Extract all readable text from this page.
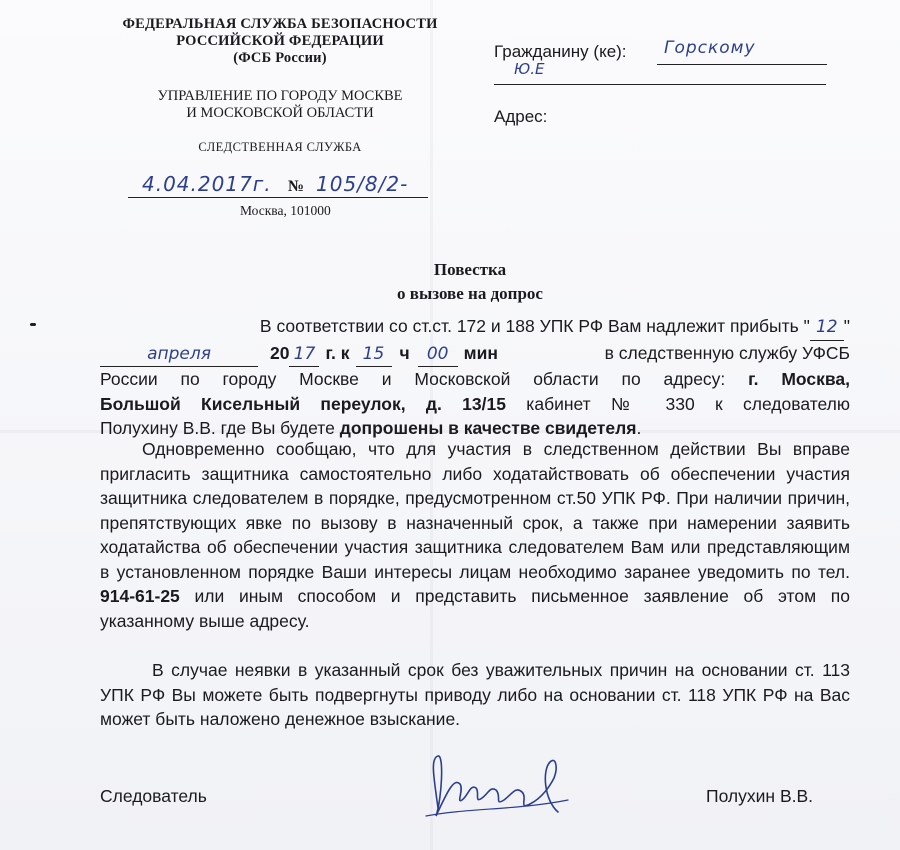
ФЕДЕРАЛЬНАЯ СЛУЖБА БЕЗОПАСНОСТИ
РОССИЙСКОЙ ФЕДЕРАЦИИ
(ФСБ России)
УПРАВЛЕНИЕ ПО ГОРОДУ МОСКВЕ
И МОСКОВСКОЙ ОБЛАСТИ
СЛЕДСТВЕННАЯ СЛУЖБА
4.04.2017г. № 105/8/2-
Москва, 101000
Гражданину (ке): Горскому
Ю.Е
Адрес:
Повестка
о вызове на допрос
В соответствии со ст.ст. 172 и 188 УПК РФ Вам надлежит прибыть " 12 "
апреля	20 17 г. к 15 ч	00 мин	в следственную службу УФСБ
России по городу Москве и Московской области по адресу: г. Москва,
Большой Кисельный переулок, д. 13/15 кабинет № 330 к следователю
Полухину В.В. где Вы будете допрошены в качестве свидетеля.

Одновременно сообщаю, что для участия в следственном действии Вы вправе пригласить защитника самостоятельно либо ходатайствовать об обеспечении участия защитника следователем в порядке, предусмотренном ст.50 УПК РФ. При наличии причин, препятствующих явке по вызову в назначенный срок, а также при намерении заявить ходатайства об обеспечении участия защитника следователем Вам или представляющим в установленном порядке Ваши интересы лицам необходимо заранее уведомить по тел. 914-61-25 или иным способом и представить письменное заявление об этом по указанному выше адресу.

В случае неявки в указанный срок без уважительных причин на основании ст. 113 УПК РФ Вы можете быть подвергнуты приводу либо на основании ст. 118 УПК РФ на Вас может быть наложено денежное взыскание.

Следователь	Полухин В.В.
